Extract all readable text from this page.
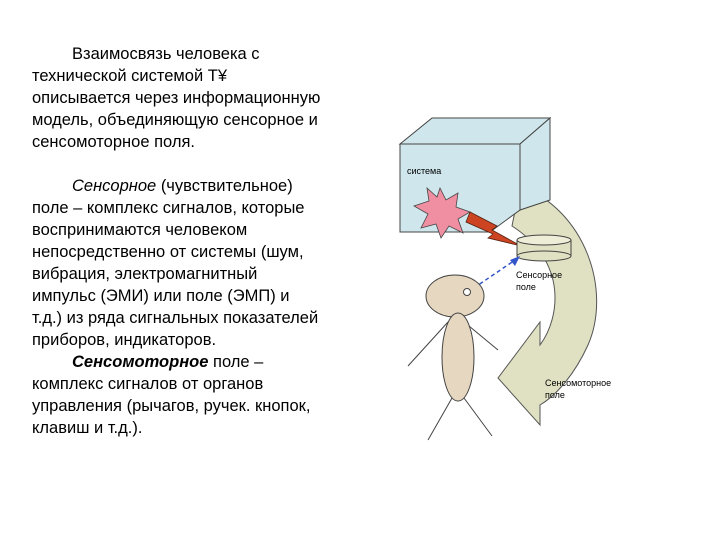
Взаимосвязь человека с технической системой Т¥ описывается через информационную модель, объединяющую сенсорное и сенсомоторное поля.

Сенсорное (чувствительное) поле – комплекс сигналов, которые воспринимаются человеком непосредственно от системы (шум, вибрация, электромагнитный импульс (ЭМИ) или поле (ЭМП) и т.д.) из ряда сигнальных показателей приборов, индикаторов.
Сенсомоторное поле – комплекс сигналов от органов управления (рычагов, ручек. кнопок, клавиш и т.д.).

система
Сенсорное
поле
Сенсомоторное
поле
